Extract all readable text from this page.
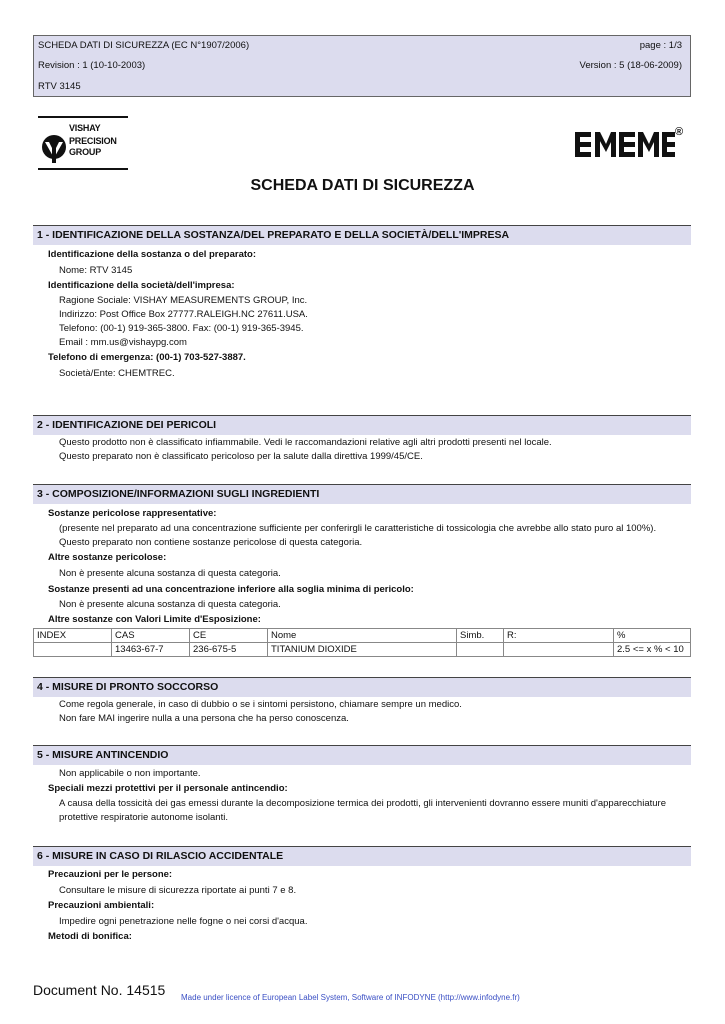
SCHEDA DATI DI SICUREZZA (EC N°1907/2006)	page : 1/3
Revision : 1 (10-10-2003)	Version : 5 (18-06-2009)
RTV 3145
VISHAY
PRECISION
GROUP
®
SCHEDA DATI DI SICUREZZA
1 - IDENTIFICAZIONE DELLA SOSTANZA/DEL PREPARATO E DELLA SOCIETÀ/DELL'IMPRESA
Identificazione della sostanza o del preparato:
Nome: RTV 3145
Identificazione della società/dell'impresa:
Ragione Sociale: VISHAY MEASUREMENTS GROUP, Inc.
Indirizzo: Post Office Box 27777.RALEIGH.NC 27611.USA.
Telefono: (00-1) 919-365-3800. Fax: (00-1) 919-365-3945.
Email : mm.us@vishaypg.com
Telefono di emergenza: (00-1) 703-527-3887.
Società/Ente: CHEMTREC.
2 - IDENTIFICAZIONE DEI PERICOLI
Questo prodotto non è classificato infiammabile. Vedi le raccomandazioni relative agli altri prodotti presenti nel locale.
Questo preparato non è classificato pericoloso per la salute dalla direttiva 1999/45/CE.
3 - COMPOSIZIONE/INFORMAZIONI SUGLI INGREDIENTI
Sostanze pericolose rappresentative:
(presente nel preparato ad una concentrazione sufficiente per conferirgli le caratteristiche di tossicologia che avrebbe allo stato puro al 100%).
Questo preparato non contiene sostanze pericolose di questa categoria.
Altre sostanze pericolose:
Non è presente alcuna sostanza di questa categoria.
Sostanze presenti ad una concentrazione inferiore alla soglia minima di pericolo:
Non è presente alcuna sostanza di questa categoria.
Altre sostanze con Valori Limite d'Esposizione:
INDEX	CAS	CE	Nome	Simb.	R:	%
	13463-67-7	236-675-5	TITANIUM DIOXIDE			2.5 <= x % < 10
4 - MISURE DI PRONTO SOCCORSO
Come regola generale, in caso di dubbio o se i sintomi persistono, chiamare sempre un medico.
Non fare MAI ingerire nulla a una persona che ha perso conoscenza.
5 - MISURE ANTINCENDIO
Non applicabile o non importante.
Speciali mezzi protettivi per il personale antincendio:
A causa della tossicità dei gas emessi durante la decomposizione termica dei prodotti, gli intervenienti dovranno essere muniti d'apparecchiature
protettive respiratorie autonome isolanti.
6 - MISURE IN CASO DI RILASCIO ACCIDENTALE
Precauzioni per le persone:
Consultare le misure di sicurezza riportate ai punti 7 e 8.
Precauzioni ambientali:
Impedire ogni penetrazione nelle fogne o nei corsi d'acqua.
Metodi di bonifica:
Document No. 14515 Made under licence of European Label System, Software of INFODYNE (http://www.infodyne.fr)
